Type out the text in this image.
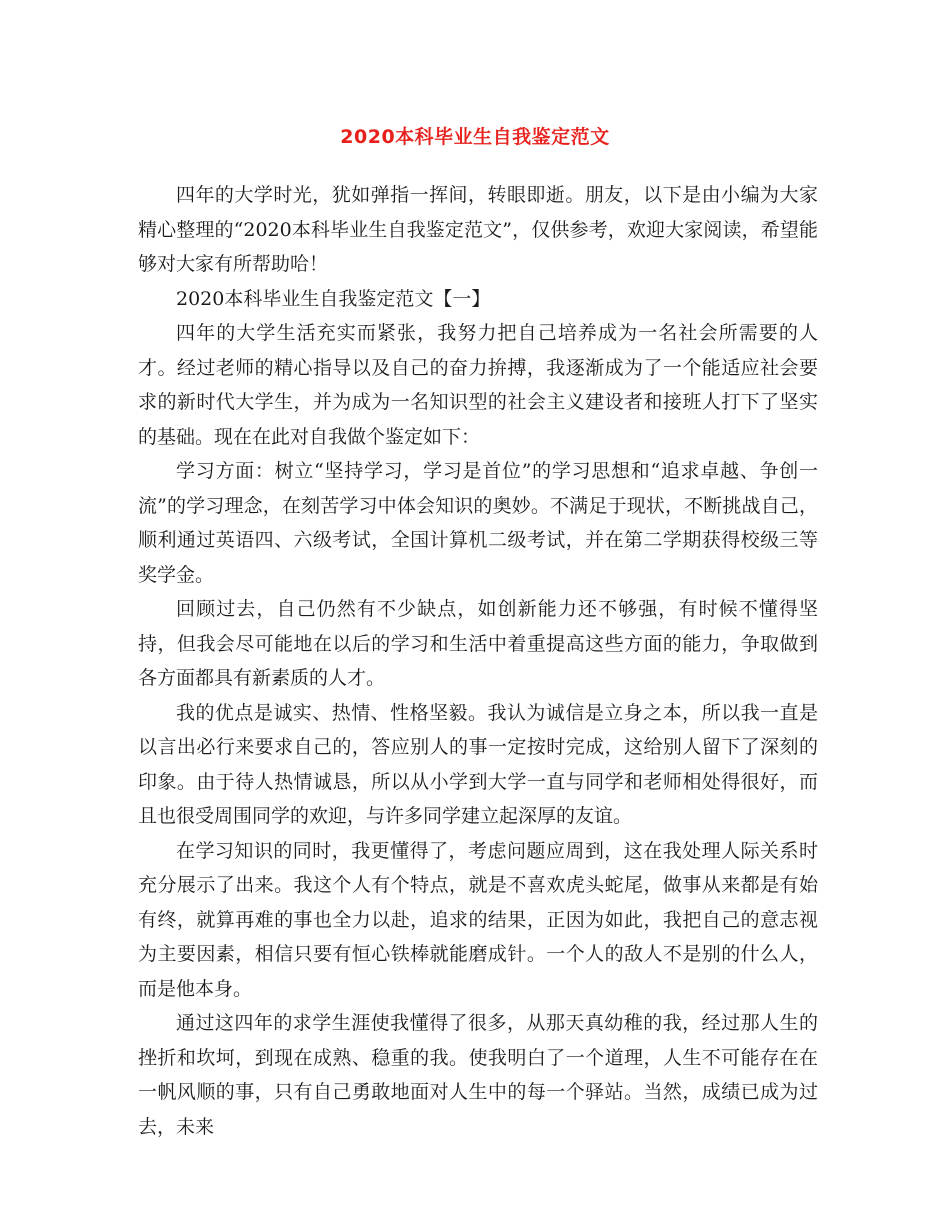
2020本科毕业生自我鉴定范文

四年的大学时光，犹如弹指一挥间，转眼即逝。朋友，以下是由小编为大家精心整理的“2020本科毕业生自我鉴定范文”，仅供参考，欢迎大家阅读，希望能够对大家有所帮助哈！

2020本科毕业生自我鉴定范文【一】

四年的大学生活充实而紧张，我努力把自己培养成为一名社会所需要的人才。经过老师的精心指导以及自己的奋力拚搏，我逐渐成为了一个能适应社会要求的新时代大学生，并为成为一名知识型的社会主义建设者和接班人打下了坚实的基础。现在在此对自我做个鉴定如下：

学习方面：树立“坚持学习，学习是首位”的学习思想和“追求卓越、争创一流”的学习理念，在刻苦学习中体会知识的奥妙。不满足于现状，不断挑战自己，顺利通过英语四、六级考试，全国计算机二级考试，并在第二学期获得校级三等奖学金。

回顾过去，自己仍然有不少缺点，如创新能力还不够强，有时候不懂得坚持，但我会尽可能地在以后的学习和生活中着重提高这些方面的能力，争取做到各方面都具有新素质的人才。

我的优点是诚实、热情、性格坚毅。我认为诚信是立身之本，所以我一直是以言出必行来要求自己的，答应别人的事一定按时完成，这给别人留下了深刻的印象。由于待人热情诚恳，所以从小学到大学一直与同学和老师相处得很好，而且也很受周围同学的欢迎，与许多同学建立起深厚的友谊。

在学习知识的同时，我更懂得了，考虑问题应周到，这在我处理人际关系时充分展示了出来。我这个人有个特点，就是不喜欢虎头蛇尾，做事从来都是有始有终，就算再难的事也全力以赴，追求的结果，正因为如此，我把自己的意志视为主要因素，相信只要有恒心铁棒就能磨成针。一个人的敌人不是别的什么人，而是他本身。

通过这四年的求学生涯使我懂得了很多，从那天真幼稚的我，经过那人生的挫折和坎坷，到现在成熟、稳重的我。使我明白了一个道理，人生不可能存在在一帆风顺的事，只有自己勇敢地面对人生中的每一个驿站。当然，成绩已成为过去，未来
